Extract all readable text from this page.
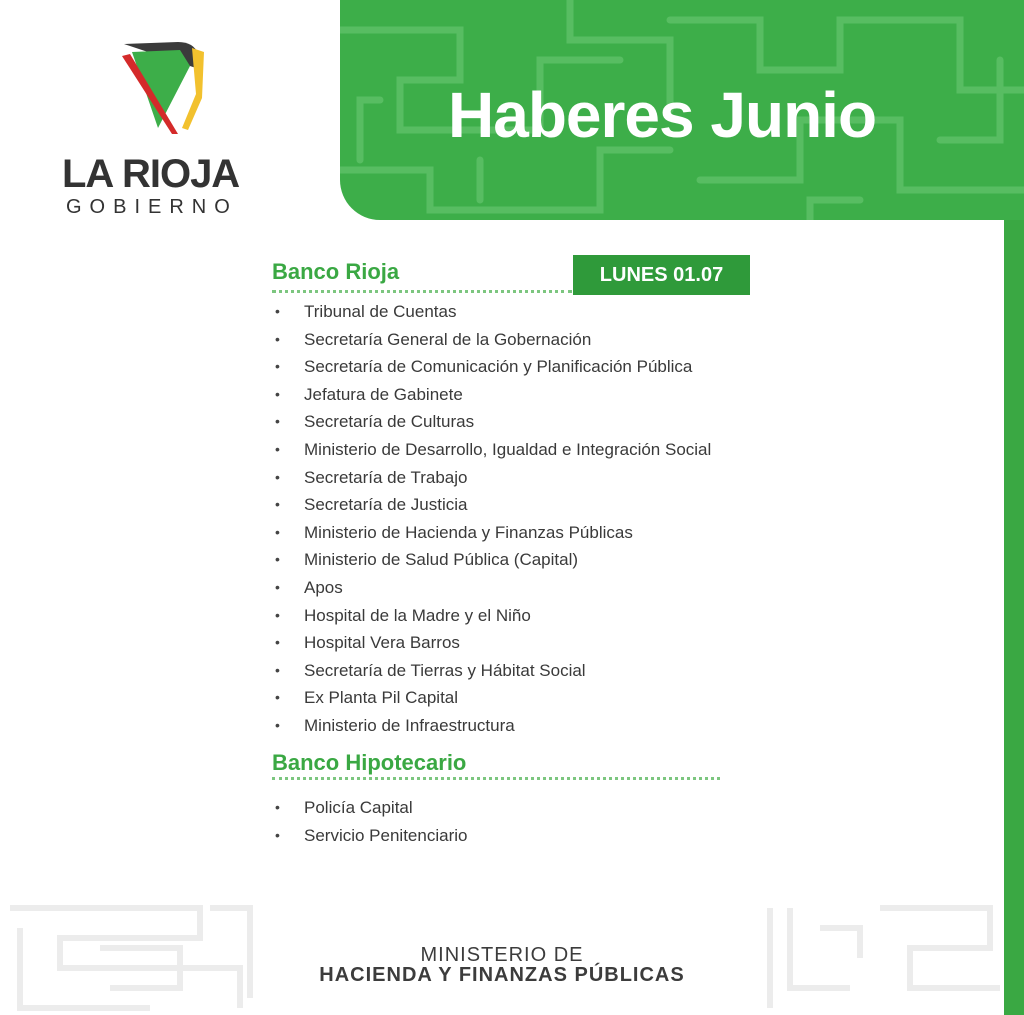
Haberes Junio
LA RIOJA
GOBIERNO
Banco Rioja	LUNES 01.07
• Tribunal de Cuentas
• Secretaría General de la Gobernación
• Secretaría de Comunicación y Planificación Pública
• Jefatura de Gabinete
• Secretaría de Culturas
• Ministerio de Desarrollo, Igualdad e Integración Social
• Secretaría de Trabajo
• Secretaría de Justicia
• Ministerio de Hacienda y Finanzas Públicas
• Ministerio de Salud Pública (Capital)
• Apos
• Hospital de la Madre y el Niño
• Hospital Vera Barros
• Secretaría de Tierras y Hábitat Social
• Ex Planta Pil Capital
• Ministerio de Infraestructura
Banco Hipotecario
• Policía Capital
• Servicio Penitenciario
MINISTERIO DE
HACIENDA Y FINANZAS PÚBLICAS
